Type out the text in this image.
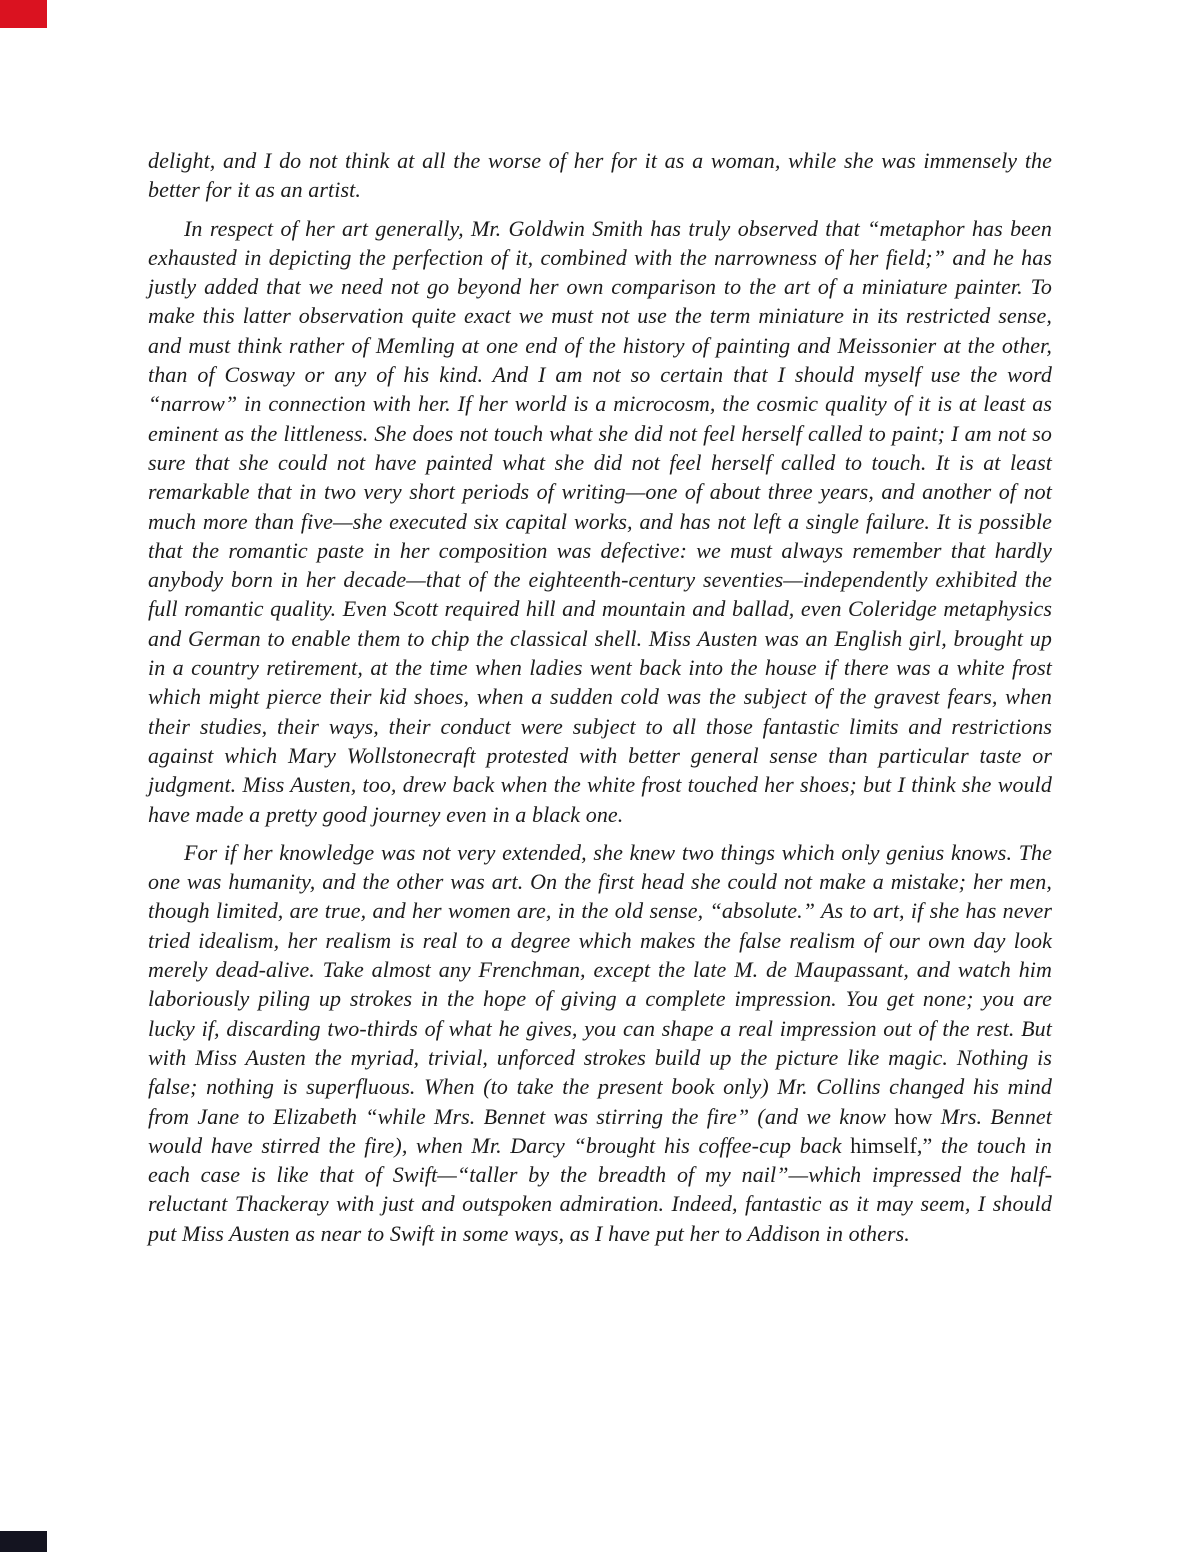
delight, and I do not think at all the worse of her for it as a woman, while she was immensely the better for it as an artist.

In respect of her art generally, Mr. Goldwin Smith has truly observed that “metaphor has been exhausted in depicting the perfection of it, combined with the narrowness of her field;” and he has justly added that we need not go beyond her own comparison to the art of a miniature painter. To make this latter observation quite exact we must not use the term miniature in its restricted sense, and must think rather of Memling at one end of the history of painting and Meissonier at the other, than of Cosway or any of his kind. And I am not so certain that I should myself use the word “narrow” in connection with her. If her world is a microcosm, the cosmic quality of it is at least as eminent as the littleness. She does not touch what she did not feel herself called to paint; I am not so sure that she could not have painted what she did not feel herself called to touch. It is at least remarkable that in two very short periods of writing—one of about three years, and another of not much more than five—she executed six capital works, and has not left a single failure. It is possible that the romantic paste in her composition was defective: we must always remember that hardly anybody born in her decade—that of the eighteenth-century seventies—independently exhibited the full romantic quality. Even Scott required hill and mountain and ballad, even Coleridge metaphysics and German to enable them to chip the classical shell. Miss Austen was an English girl, brought up in a country retirement, at the time when ladies went back into the house if there was a white frost which might pierce their kid shoes, when a sudden cold was the subject of the gravest fears, when their studies, their ways, their conduct were subject to all those fantastic limits and restrictions against which Mary Wollstonecraft protested with better general sense than particular taste or judgment. Miss Austen, too, drew back when the white frost touched her shoes; but I think she would have made a pretty good journey even in a black one.

For if her knowledge was not very extended, she knew two things which only genius knows. The one was humanity, and the other was art. On the first head she could not make a mistake; her men, though limited, are true, and her women are, in the old sense, “absolute.” As to art, if she has never tried idealism, her realism is real to a degree which makes the false realism of our own day look merely dead-alive. Take almost any Frenchman, except the late M. de Maupassant, and watch him laboriously piling up strokes in the hope of giving a complete impression. You get none; you are lucky if, discarding two-thirds of what he gives, you can shape a real impression out of the rest. But with Miss Austen the myriad, trivial, unforced strokes build up the picture like magic. Nothing is false; nothing is superfluous. When (to take the present book only) Mr. Collins changed his mind from Jane to Elizabeth “while Mrs. Bennet was stirring the fire” (and we know how Mrs. Bennet would have stirred the fire), when Mr. Darcy “brought his coffee-cup back himself,” the touch in each case is like that of Swift—“taller by the breadth of my nail”—which impressed the half-reluctant Thackeray with just and outspoken admiration. Indeed, fantastic as it may seem, I should put Miss Austen as near to Swift in some ways, as I have put her to Addison in others.
